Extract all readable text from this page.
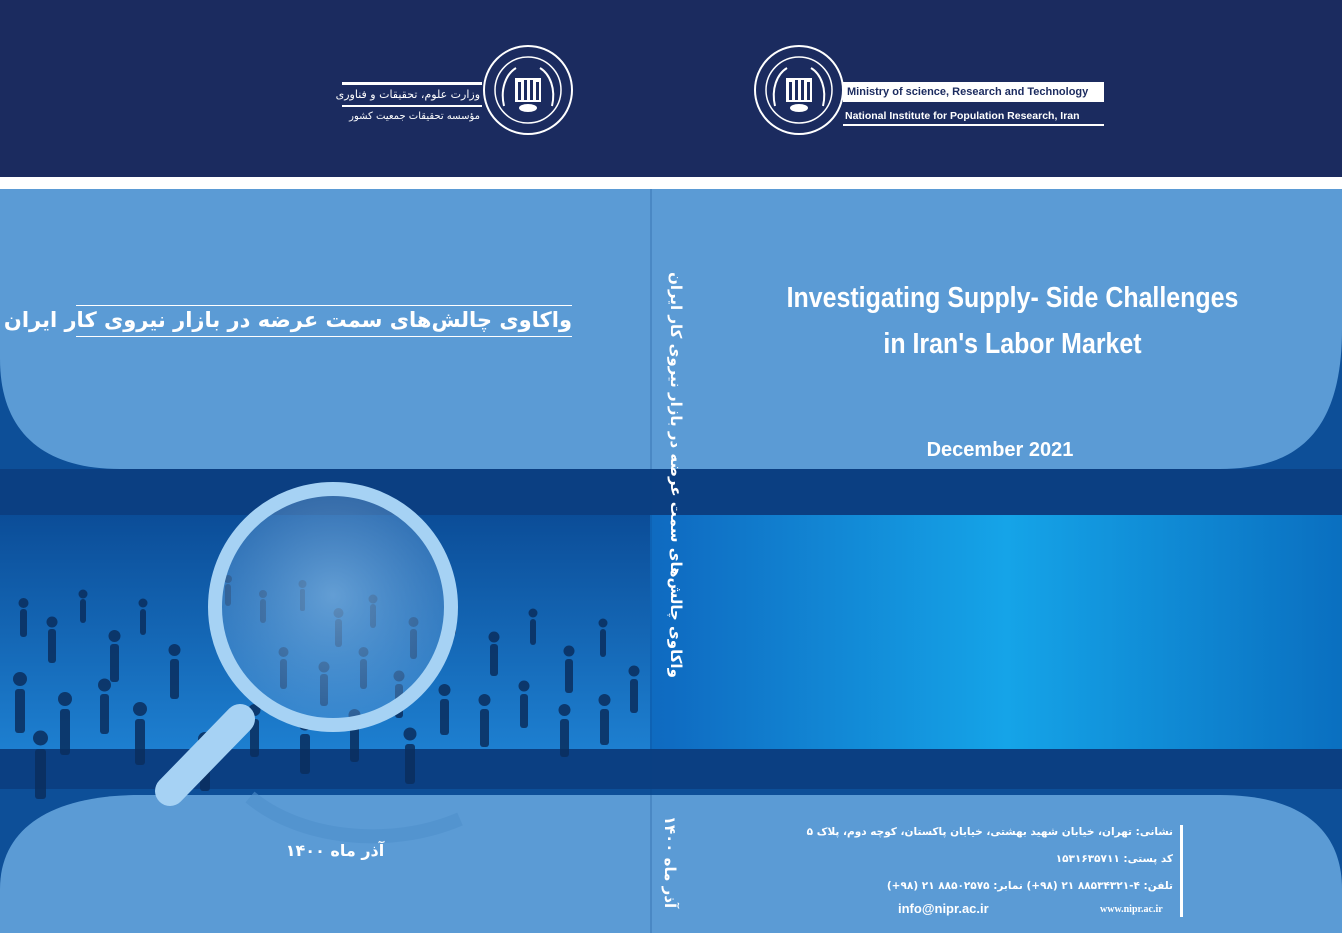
وزارت علوم، تحقیقات و فناوری
مؤسسه تحقیقات جمعیت کشور
Ministry of science, Research and Technology
National Institute for Population Research, Iran
واکاوی چالش‌های سمت عرضه در بازار نیروی کار ایران
آذر ماه ۱۴۰۰
واکاوی چالش‌های سمت عرضه در بازار نیروی کار ایران
آذر ماه ۱۴۰۰
Investigating Supply- Side Challenges
in Iran's Labor Market
December 2021
نشانی: تهران، خیابان شهید بهشتی، خیابان پاکستان، کوچه دوم، پلاک ۵
کد پستی: ۱۵۳۱۶۳۵۷۱۱
تلفن: ۴-۸۸۵۳۴۳۲۱ ۲۱ (۹۸+) نمابر: ۸۸۵۰۲۵۷۵ ۲۱ (۹۸+)
info@nipr.ac.ir	www.nipr.ac.ir
